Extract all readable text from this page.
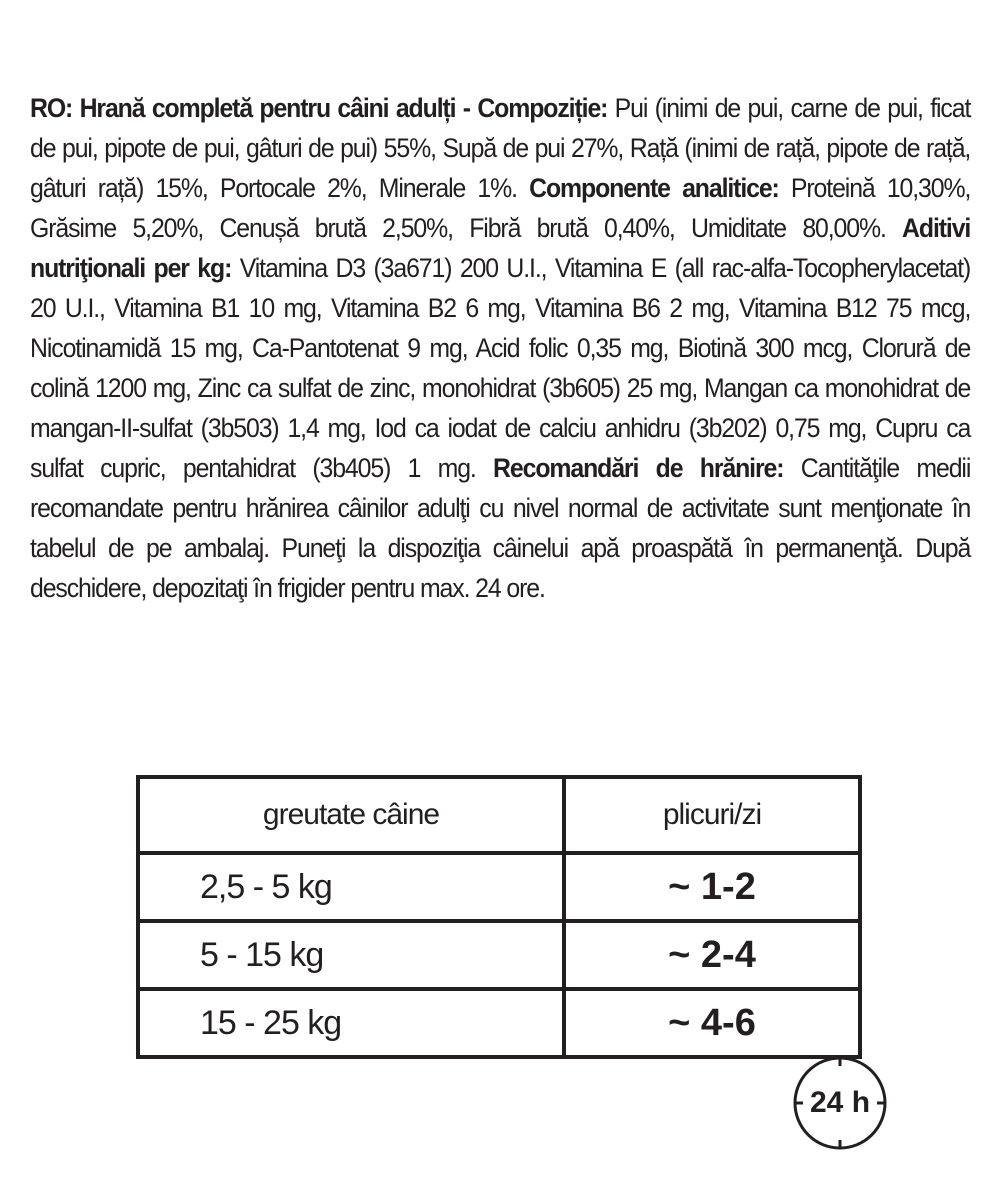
RO: Hrană completă pentru câini adulți - Compoziție: Pui (inimi de pui, carne de pui, ficat de pui, pipote de pui, gâturi de pui) 55%, Supă de pui 27%, Rață (inimi de rață, pipote de rață, gâturi rață) 15%, Portocale 2%, Minerale 1%. Componente analitice: Proteină 10,30%, Grăsime 5,20%, Cenușă brută 2,50%, Fibră brută 0,40%, Umiditate 80,00%. Aditivi nutriţionali per kg: Vitamina D3 (3a671) 200 U.I., Vitamina E (all rac-alfa-Tocopherylacetat) 20 U.I., Vitamina B1 10 mg, Vitamina B2 6 mg, Vitamina B6 2 mg, Vitamina B12 75 mcg, Nicotinamidă 15 mg, Ca-Pantotenat 9 mg, Acid folic 0,35 mg, Biotină 300 mcg, Clorură de colină 1200 mg, Zinc ca sulfat de zinc, monohidrat (3b605) 25 mg, Mangan ca monohidrat de mangan-II-sulfat (3b503) 1,4 mg, Iod ca iodat de calciu anhidru (3b202) 0,75 mg, Cupru ca sulfat cupric, pentahidrat (3b405) 1 mg. Recomandări de hrănire: Cantităţile medii recomandate pentru hrănirea câinilor adulţi cu nivel normal de activitate sunt menţionate în tabelul de pe ambalaj. Puneţi la dispoziţia câinelui apă proaspătă în permanenţă. După deschidere, depozitaţi în frigider pentru max. 24 ore.
greutate câine	plicuri/zi
2,5 - 5 kg	~ 1-2
5 - 15 kg	~ 2-4
15 - 25 kg	~ 4-6
24 h
